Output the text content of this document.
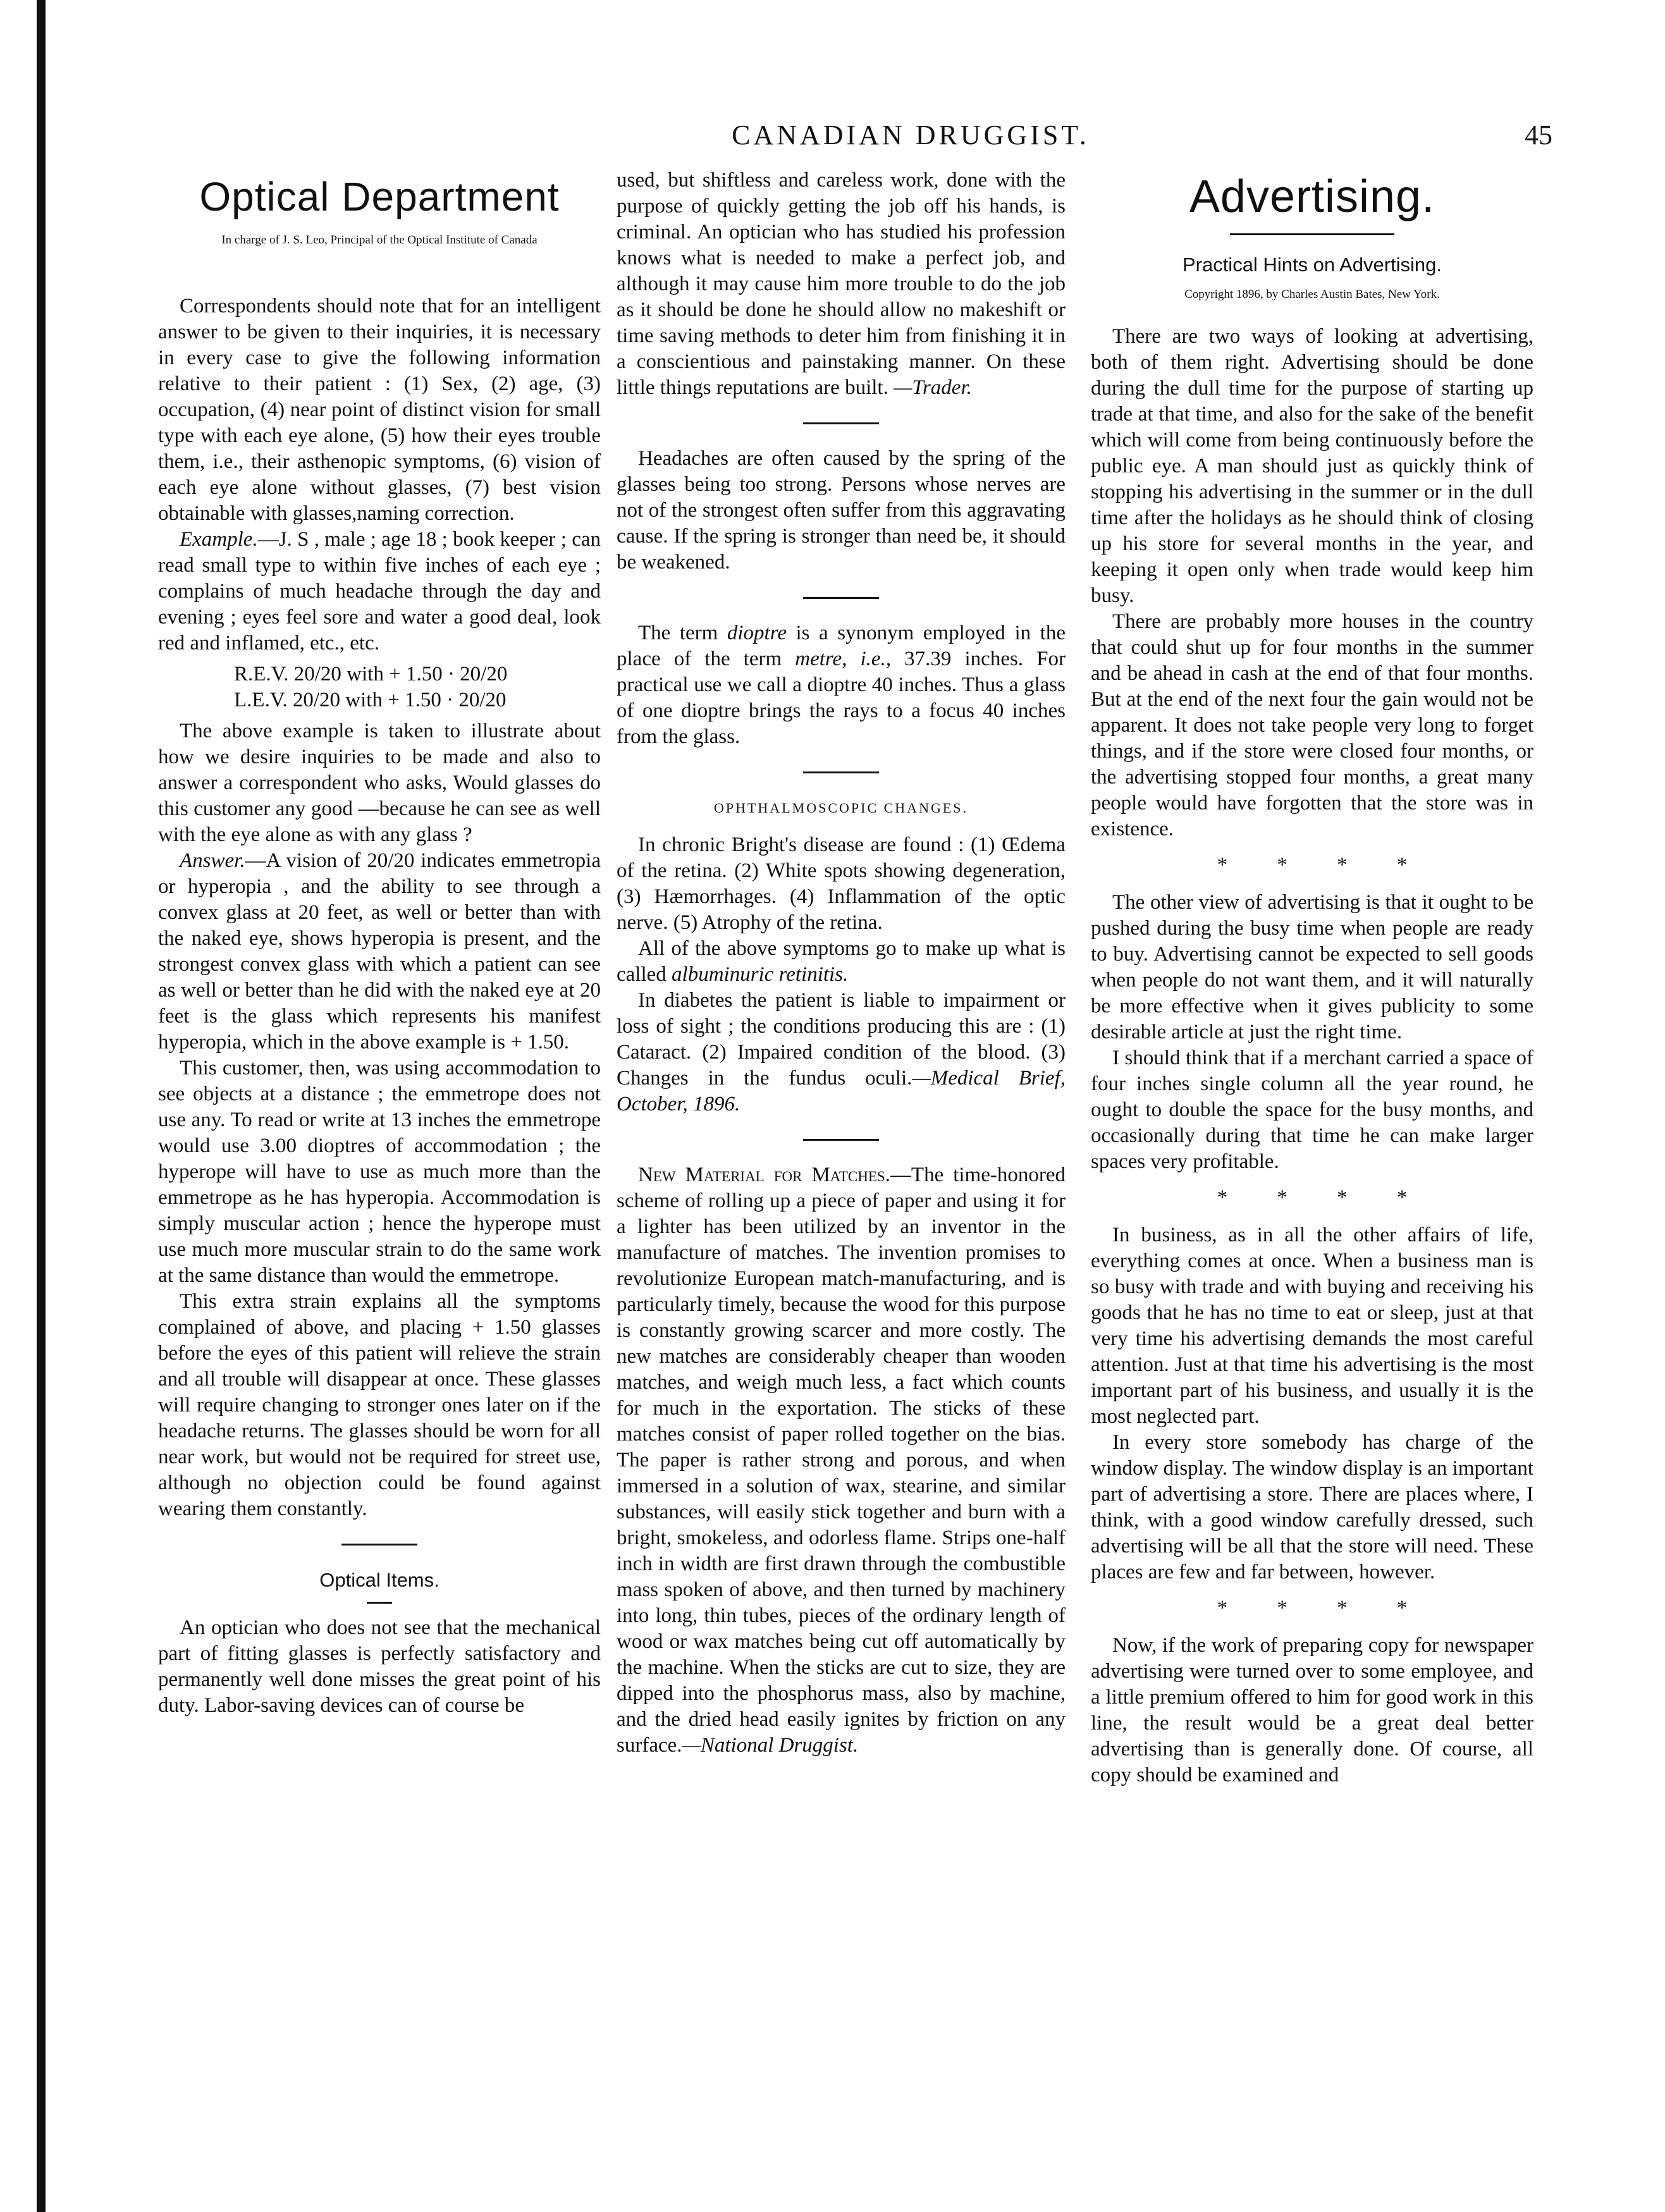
CANADIAN DRUGGIST.	45
Optical Department
In charge of J. S. Leo, Principal of the Optical Institute of Canada

Correspondents should note that for an intelligent answer to be given to their inquiries, it is necessary in every case to give the following information relative to their patient : (1) Sex, (2) age, (3) occupation, (4) near point of distinct vision for small type with each eye alone, (5) how their eyes trouble them, i.e., their asthenopic symptoms, (6) vision of each eye alone without glasses, (7) best vision obtainable with glasses,naming correction.

Example.—J. S , male ; age 18 ; book keeper ; can read small type to within five inches of each eye ; complains of much headache through the day and evening ; eyes feel sore and water a good deal, look red and inflamed, etc., etc.

R.E.V. 20/20 with + 1.50 · 20/20
L.E.V. 20/20 with + 1.50 · 20/20

The above example is taken to illustrate about how we desire inquiries to be made and also to answer a correspondent who asks, Would glasses do this customer any good —because he can see as well with the eye alone as with any glass ?

Answer.—A vision of 20/20 indicates emmetropia or hyperopia , and the ability to see through a convex glass at 20 feet, as well or better than with the naked eye, shows hyperopia is present, and the strongest convex glass with which a patient can see as well or better than he did with the naked eye at 20 feet is the glass which represents his manifest hyperopia, which in the above example is + 1.50.

This customer, then, was using accommodation to see objects at a distance ; the emmetrope does not use any. To read or write at 13 inches the emmetrope would use 3.00 dioptres of accommodation ; the hyperope will have to use as much more than the emmetrope as he has hyperopia. Accommodation is simply muscular action ; hence the hyperope must use much more muscular strain to do the same work at the same distance than would the emmetrope.

This extra strain explains all the symptoms complained of above, and placing + 1.50 glasses before the eyes of this patient will relieve the strain and all trouble will disappear at once. These glasses will require changing to stronger ones later on if the headache returns. The glasses should be worn for all near work, but would not be required for street use, although no objection could be found against wearing them constantly.

Optical Items.

An optician who does not see that the mechanical part of fitting glasses is perfectly satisfactory and permanently well done misses the great point of his duty. Labor-saving devices can of course be

used, but shiftless and careless work, done with the purpose of quickly getting the job off his hands, is criminal. An optician who has studied his profession knows what is needed to make a perfect job, and although it may cause him more trouble to do the job as it should be done he should allow no makeshift or time saving methods to deter him from finishing it in a conscientious and painstaking manner. On these little things reputations are built. —Trader.

Headaches are often caused by the spring of the glasses being too strong. Persons whose nerves are not of the strongest often suffer from this aggravating cause. If the spring is stronger than need be, it should be weakened.

The term dioptre is a synonym employed in the place of the term metre, i.e., 37.39 inches. For practical use we call a dioptre 40 inches. Thus a glass of one dioptre brings the rays to a focus 40 inches from the glass.

OPHTHALMOSCOPIC CHANGES.

In chronic Bright's disease are found : (1) Œdema of the retina. (2) White spots showing degeneration, (3) Hæmorrhages. (4) Inflammation of the optic nerve. (5) Atrophy of the retina.

All of the above symptoms go to make up what is called albuminuric retinitis.

In diabetes the patient is liable to impairment or loss of sight ; the conditions producing this are : (1) Cataract. (2) Impaired condition of the blood. (3) Changes in the fundus oculi.—Medical Brief, October, 1896.

New Material for Matches.—The time-honored scheme of rolling up a piece of paper and using it for a lighter has been utilized by an inventor in the manufacture of matches. The invention promises to revolutionize European match-manufacturing, and is particularly timely, because the wood for this purpose is constantly growing scarcer and more costly. The new matches are considerably cheaper than wooden matches, and weigh much less, a fact which counts for much in the exportation. The sticks of these matches consist of paper rolled together on the bias. The paper is rather strong and porous, and when immersed in a solution of wax, stearine, and similar substances, will easily stick together and burn with a bright, smokeless, and odorless flame. Strips one-half inch in width are first drawn through the combustible mass spoken of above, and then turned by machinery into long, thin tubes, pieces of the ordinary length of wood or wax matches being cut off automatically by the machine. When the sticks are cut to size, they are dipped into the phosphorus mass, also by machine, and the dried head easily ignites by friction on any surface.—National Druggist.

Advertising.
Practical Hints on Advertising.
Copyright 1896, by Charles Austin Bates, New York.

There are two ways of looking at advertising, both of them right. Advertising should be done during the dull time for the purpose of starting up trade at that time, and also for the sake of the benefit which will come from being continuously before the public eye. A man should just as quickly think of stopping his advertising in the summer or in the dull time after the holidays as he should think of closing up his store for several months in the year, and keeping it open only when trade would keep him busy.

There are probably more houses in the country that could shut up for four months in the summer and be ahead in cash at the end of that four months. But at the end of the next four the gain would not be apparent. It does not take people very long to forget things, and if the store were closed four months, or the advertising stopped four months, a great many people would have forgotten that the store was in existence.

* * * *

The other view of advertising is that it ought to be pushed during the busy time when people are ready to buy. Advertising cannot be expected to sell goods when people do not want them, and it will naturally be more effective when it gives publicity to some desirable article at just the right time.

I should think that if a merchant carried a space of four inches single column all the year round, he ought to double the space for the busy months, and occasionally during that time he can make larger spaces very profitable.

* * * *

In business, as in all the other affairs of life, everything comes at once. When a business man is so busy with trade and with buying and receiving his goods that he has no time to eat or sleep, just at that very time his advertising demands the most careful attention. Just at that time his advertising is the most important part of his business, and usually it is the most neglected part.

In every store somebody has charge of the window display. The window display is an important part of advertising a store. There are places where, I think, with a good window carefully dressed, such advertising will be all that the store will need. These places are few and far between, however.

* * * *

Now, if the work of preparing copy for newspaper advertising were turned over to some employee, and a little premium offered to him for good work in this line, the result would be a great deal better advertising than is generally done. Of course, all copy should be examined and
